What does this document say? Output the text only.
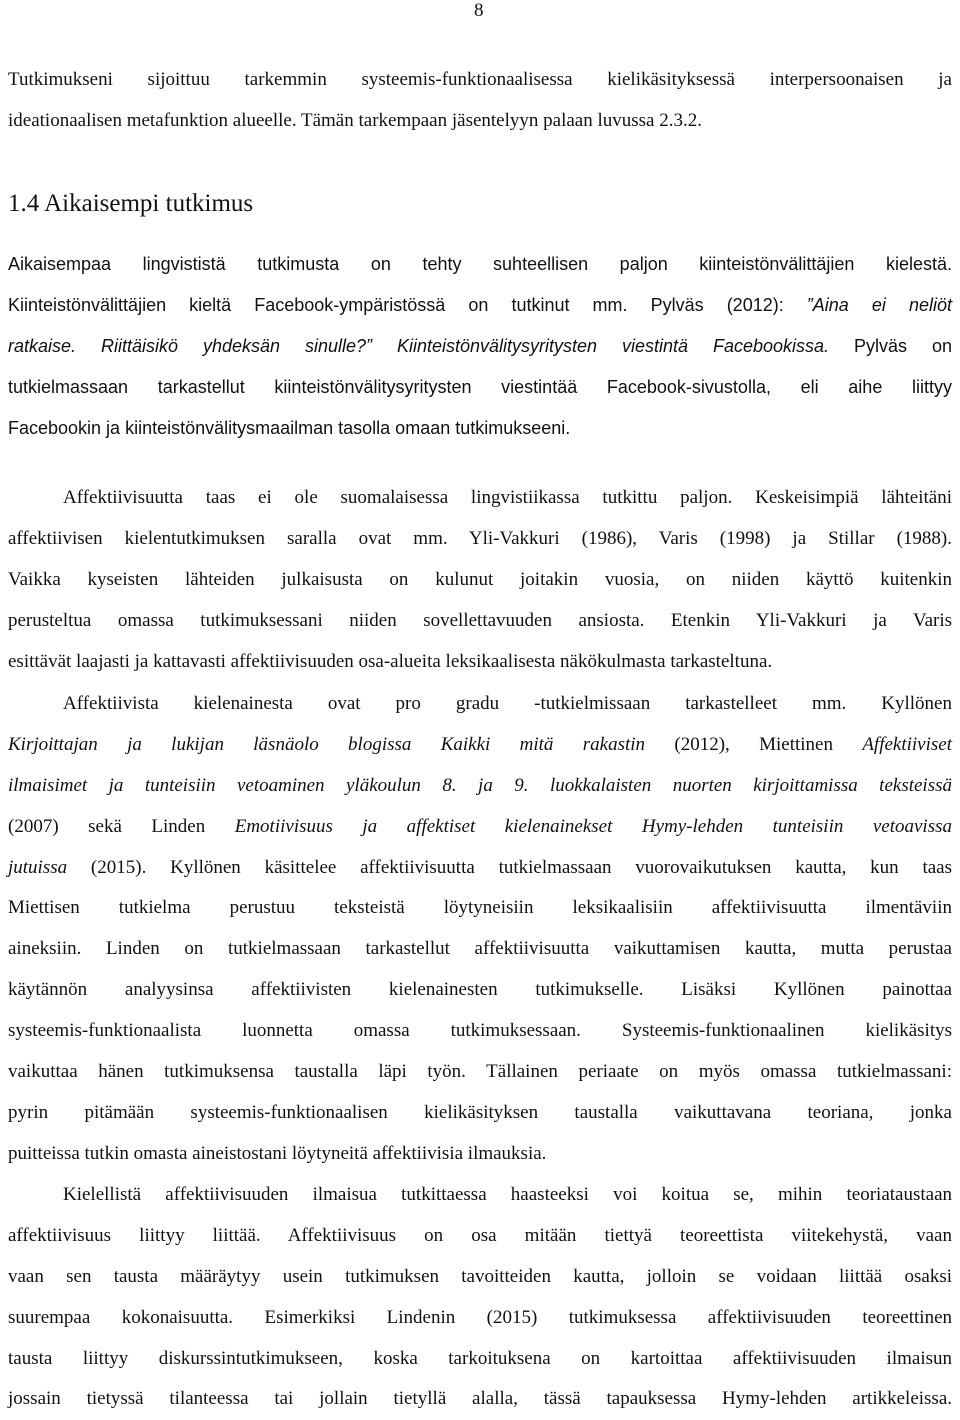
8
Tutkimukseni sijoittuu tarkemmin systeemis-funktionaalisessa kielikäsityksessä interpersoonaisen ja
ideationaalisen metafunktion alueelle. Tämän tarkempaan jäsentelyyn palaan luvussa 2.3.2.
1.4 Aikaisempi tutkimus
Aikaisempaa lingvististä tutkimusta on tehty suhteellisen paljon kiinteistönvälittäjien kielestä.
Kiinteistönvälittäjien kieltä Facebook-ympäristössä on tutkinut mm. Pylväs (2012): ”Aina ei neliöt
ratkaise. Riittäisikö yhdeksän sinulle?” Kiinteistönvälitysyritysten viestintä Facebookissa. Pylväs on
tutkielmassaan tarkastellut kiinteistönvälitysyritysten viestintää Facebook-sivustolla, eli aihe liittyy
Facebookin ja kiinteistönvälitysmaailman tasolla omaan tutkimukseeni.
Affektiivisuutta taas ei ole suomalaisessa lingvistiikassa tutkittu paljon. Keskeisimpiä lähteitäni
affektiivisen kielentutkimuksen saralla ovat mm. Yli-Vakkuri (1986), Varis (1998) ja Stillar (1988).
Vaikka kyseisten lähteiden julkaisusta on kulunut joitakin vuosia, on niiden käyttö kuitenkin
perusteltua omassa tutkimuksessani niiden sovellettavuuden ansiosta. Etenkin Yli-Vakkuri ja Varis
esittävät laajasti ja kattavasti affektiivisuuden osa-alueita leksikaalisesta näkökulmasta tarkasteltuna.
Affektiivista kielenainesta ovat pro gradu -tutkielmissaan tarkastelleet mm. Kyllönen
Kirjoittajan ja lukijan läsnäolo blogissa Kaikki mitä rakastin (2012), Miettinen Affektiiviset
ilmaisimet ja tunteisiin vetoaminen yläkoulun 8. ja 9. luokkalaisten nuorten kirjoittamissa teksteissä
(2007) sekä Linden Emotiivisuus ja affektiset kielenainekset Hymy-lehden tunteisiin vetoavissa
jutuissa (2015). Kyllönen käsittelee affektiivisuutta tutkielmassaan vuorovaikutuksen kautta, kun taas
Miettisen tutkielma perustuu teksteistä löytyneisiin leksikaalisiin affektiivisuutta ilmentäviin
aineksiin. Linden on tutkielmassaan tarkastellut affektiivisuutta vaikuttamisen kautta, mutta perustaa
käytännön analyysinsa affektiivisten kielenainesten tutkimukselle. Lisäksi Kyllönen painottaa
systeemis-funktionaalista luonnetta omassa tutkimuksessaan. Systeemis-funktionaalinen kielikäsitys
vaikuttaa hänen tutkimuksensa taustalla läpi työn. Tällainen periaate on myös omassa tutkielmassani:
pyrin pitämään systeemis-funktionaalisen kielikäsityksen taustalla vaikuttavana teoriana, jonka
puitteissa tutkin omasta aineistostani löytyneitä affektiivisia ilmauksia.
Kielellistä affektiivisuuden ilmaisua tutkittaessa haasteeksi voi koitua se, mihin teoriataustaan
affektiivisuus liittyy liittää. Affektiivisuus on osa mitään tiettyä teoreettista viitekehystä, vaan
vaan sen tausta määräytyy usein tutkimuksen tavoitteiden kautta, jolloin se voidaan liittää osaksi
suurempaa kokonaisuutta. Esimerkiksi Lindenin (2015) tutkimuksessa affektiivisuuden teoreettinen
tausta liittyy diskurssintutkimukseen, koska tarkoituksena on kartoittaa affektiivisuuden ilmaisun
jossain tietyssä tilanteessa tai jollain tietyllä alalla, tässä tapauksessa Hymy-lehden artikkeleissa.
